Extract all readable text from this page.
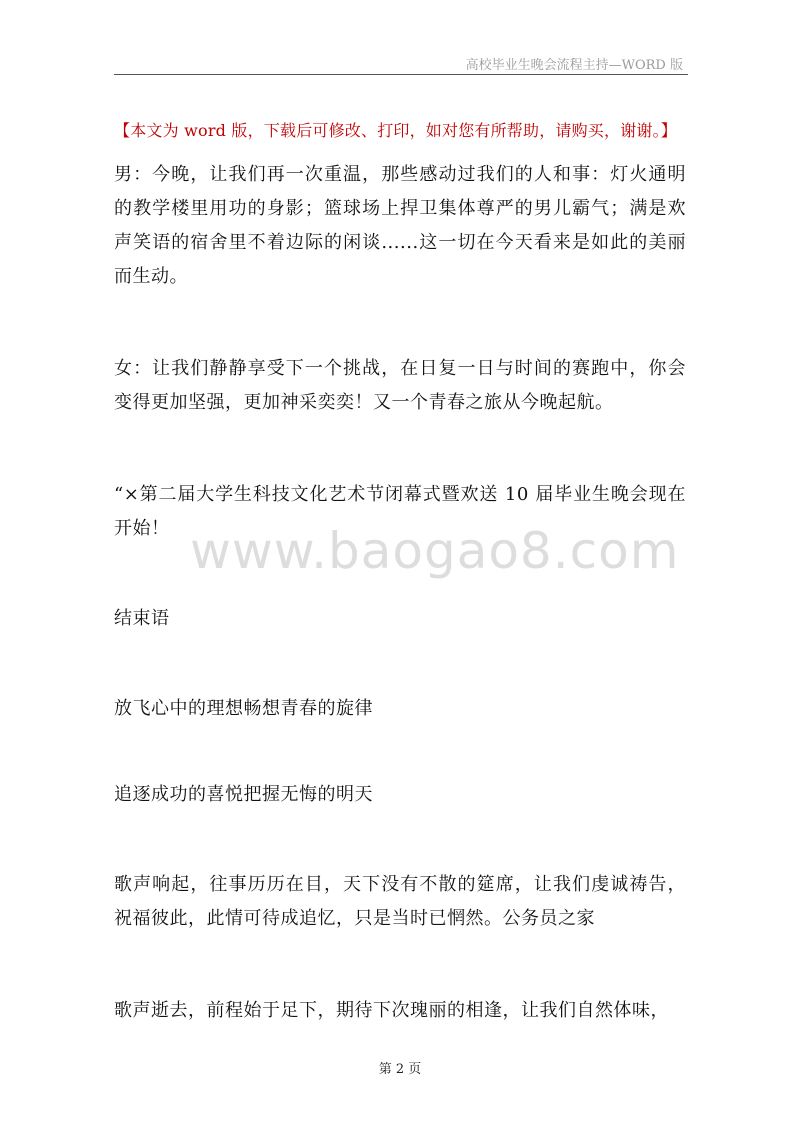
高校毕业生晚会流程主持—WORD 版
【本文为 word 版，下载后可修改、打印，如对您有所帮助，请购买，谢谢。】

男：今晚，让我们再一次重温，那些感动过我们的人和事：灯火通明的教学楼里用功的身影；篮球场上捍卫集体尊严的男儿霸气；满是欢声笑语的宿舍里不着边际的闲谈......这一切在今天看来是如此的美丽而生动。

女：让我们静静享受下一个挑战，在日复一日与时间的赛跑中，你会变得更加坚强，更加神采奕奕！又一个青春之旅从今晚起航。

“×第二届大学生科技文化艺术节闭幕式暨欢送 10 届毕业生晚会现在开始！

结束语

放飞心中的理想畅想青春的旋律

追逐成功的喜悦把握无悔的明天

歌声响起，往事历历在目，天下没有不散的筵席，让我们虔诚祷告，祝福彼此，此情可待成追忆，只是当时已惘然。公务员之家

歌声逝去，前程始于足下，期待下次瑰丽的相逢，让我们自然体味，

www.baogao8.com
第 2 页
